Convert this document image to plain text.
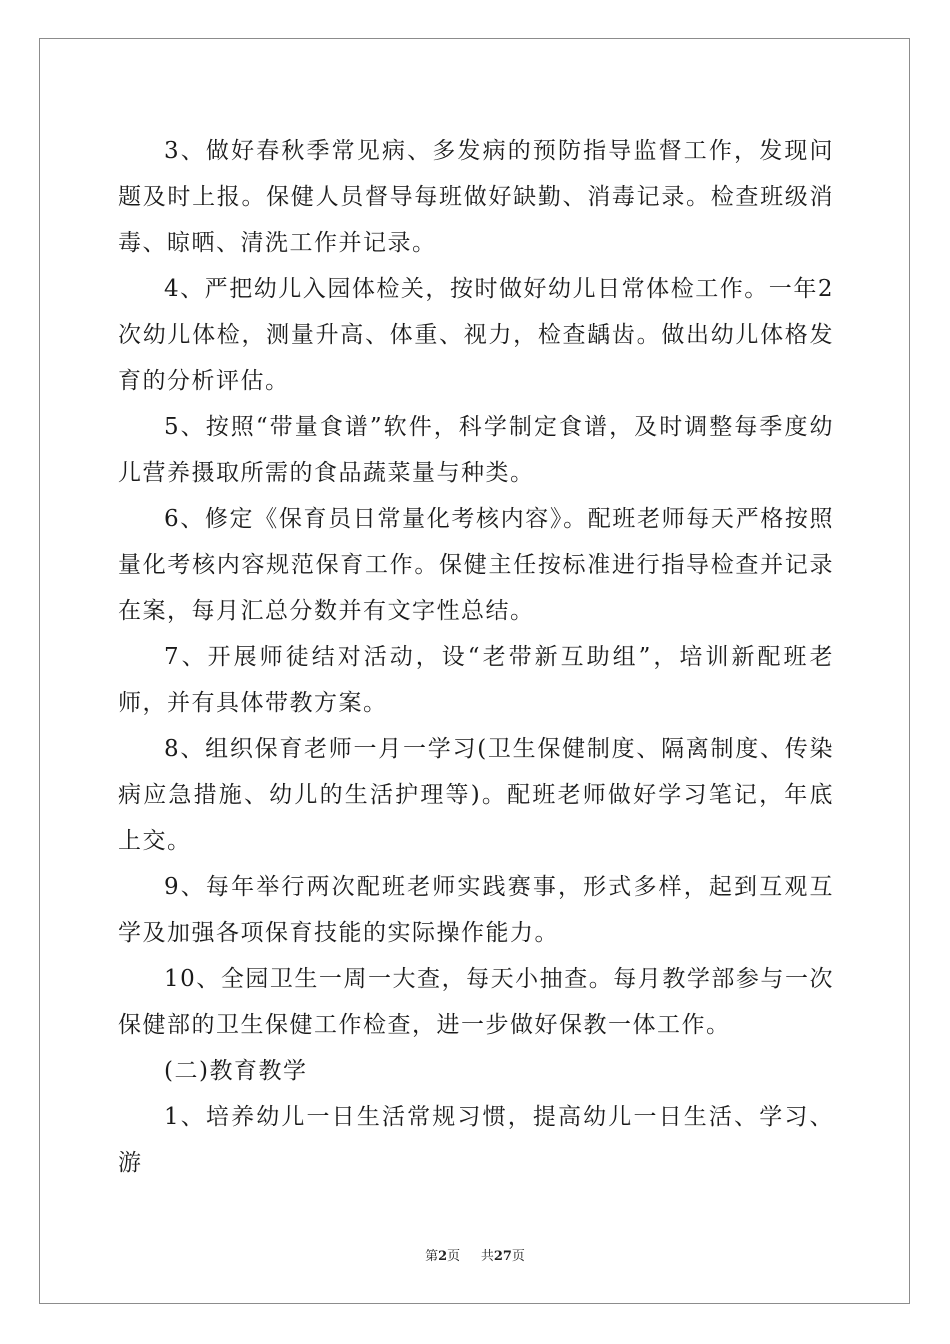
3、做好春秋季常见病、多发病的预防指导监督工作，发现问题及时上报。保健人员督导每班做好缺勤、消毒记录。检查班级消毒、晾晒、清洗工作并记录。

4、严把幼儿入园体检关，按时做好幼儿日常体检工作。一年2次幼儿体检，测量升高、体重、视力，检查龋齿。做出幼儿体格发育的分析评估。

5、按照“带量食谱”软件，科学制定食谱，及时调整每季度幼儿营养摄取所需的食品蔬菜量与种类。

6、修定《保育员日常量化考核内容》。配班老师每天严格按照量化考核内容规范保育工作。保健主任按标准进行指导检查并记录在案，每月汇总分数并有文字性总结。

7、开展师徒结对活动，设“老带新互助组”，培训新配班老师，并有具体带教方案。

8、组织保育老师一月一学习(卫生保健制度、隔离制度、传染病应急措施、幼儿的生活护理等)。配班老师做好学习笔记，年底上交。

9、每年举行两次配班老师实践赛事，形式多样，起到互观互学及加强各项保育技能的实际操作能力。

10、全园卫生一周一大查，每天小抽查。每月教学部参与一次保健部的卫生保健工作检查，进一步做好保教一体工作。

(二)教育教学

1、培养幼儿一日生活常规习惯，提高幼儿一日生活、学习、游

第2页 共27页
